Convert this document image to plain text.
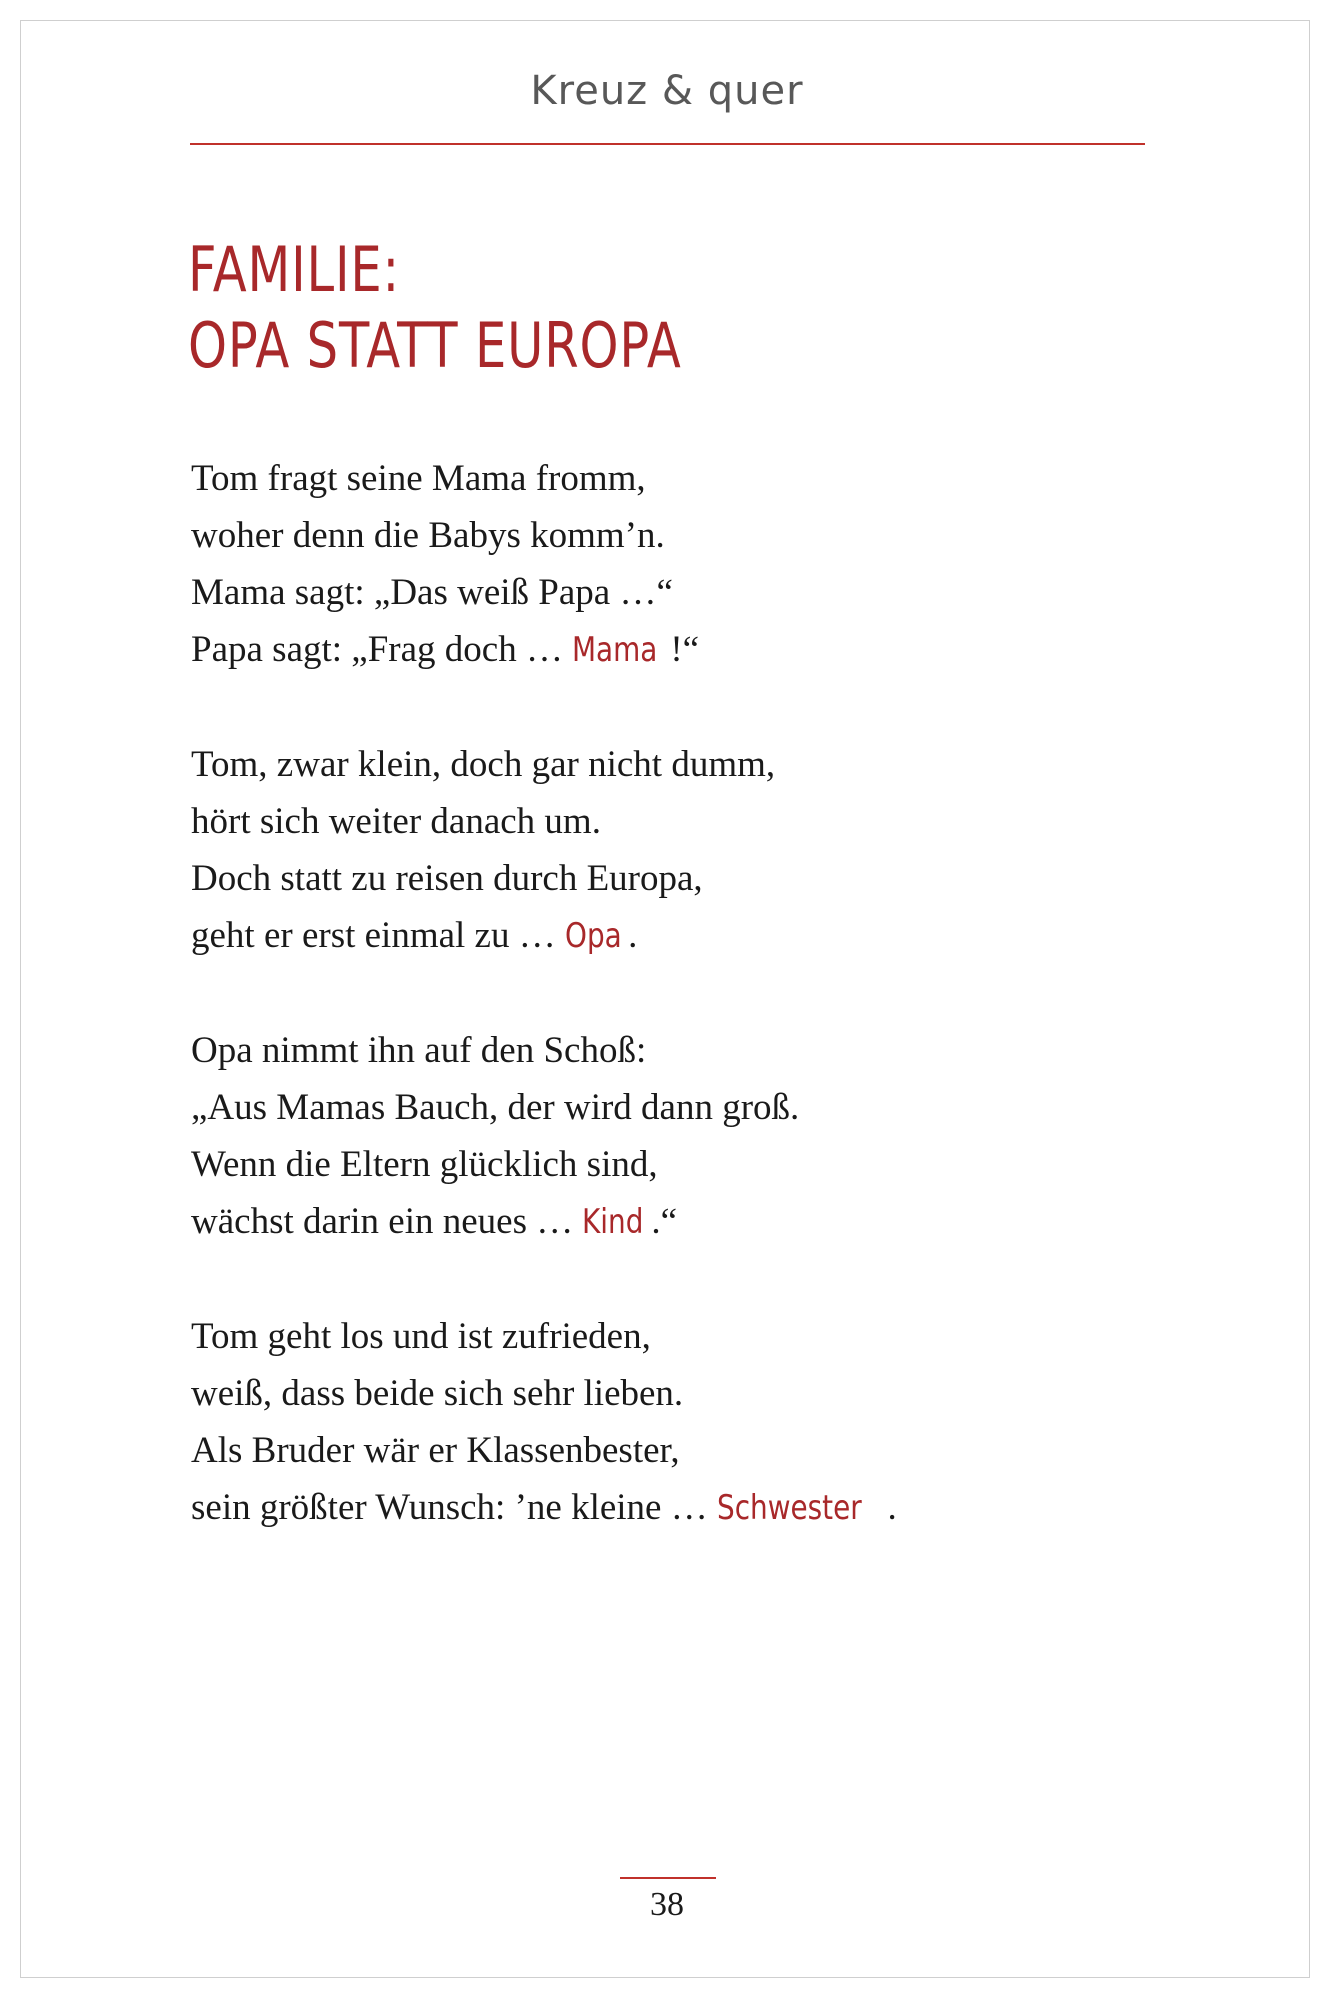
Kreuz & quer
FAMILIE:
OPA STATT EUROPA
Tom fragt seine Mama fromm,
woher denn die Babys komm’n.
Mama sagt: „Das weiß Papa …“
Papa sagt: „Frag doch … Mama !“
Tom, zwar klein, doch gar nicht dumm,
hört sich weiter danach um.
Doch statt zu reisen durch Europa,
geht er erst einmal zu … Opa .
Opa nimmt ihn auf den Schoß:
„Aus Mamas Bauch, der wird dann groß.
Wenn die Eltern glücklich sind,
wächst darin ein neues … Kind .“
Tom geht los und ist zufrieden,
weiß, dass beide sich sehr lieben.
Als Bruder wär er Klassenbester,
sein größter Wunsch: ’ne kleine … Schwester .
38
